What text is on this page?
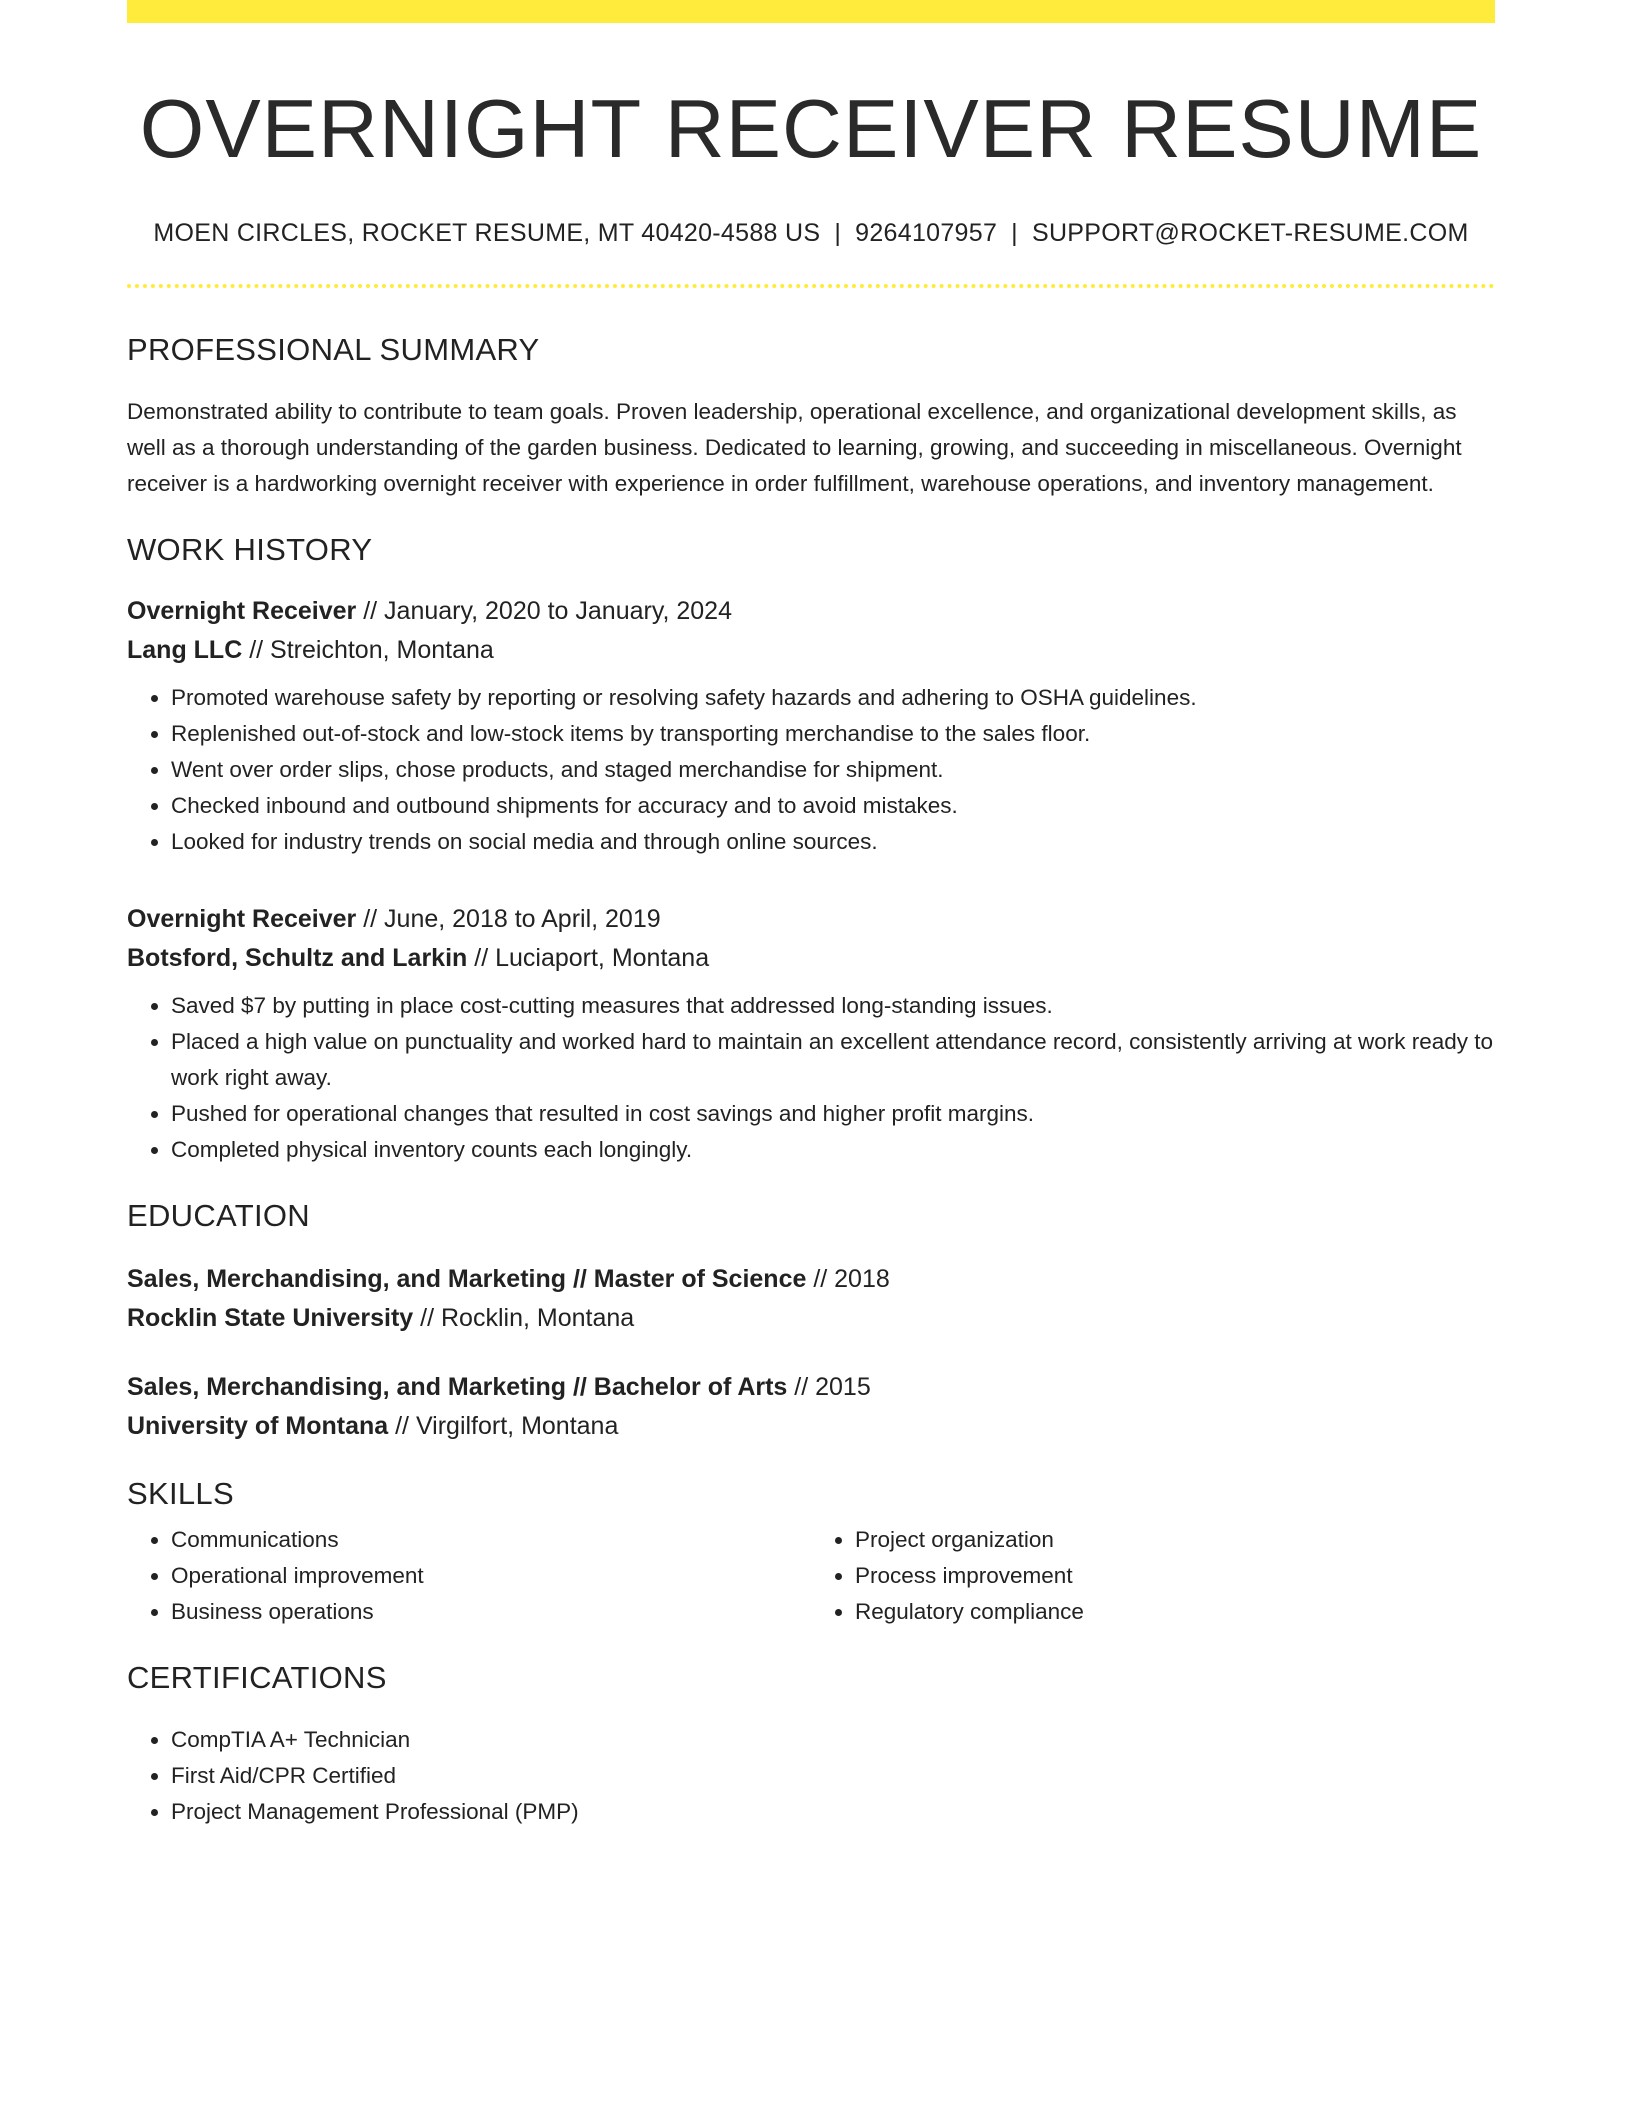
OVERNIGHT RECEIVER RESUME
MOEN CIRCLES, ROCKET RESUME, MT 40420-4588 US | 9264107957 | SUPPORT@ROCKET-RESUME.COM
PROFESSIONAL SUMMARY
Demonstrated ability to contribute to team goals. Proven leadership, operational excellence, and organizational development skills, as well as a thorough understanding of the garden business. Dedicated to learning, growing, and succeeding in miscellaneous. Overnight receiver is a hardworking overnight receiver with experience in order fulfillment, warehouse operations, and inventory management.
WORK HISTORY
Overnight Receiver // January, 2020 to January, 2024
Lang LLC // Streichton, Montana
• Promoted warehouse safety by reporting or resolving safety hazards and adhering to OSHA guidelines.
• Replenished out-of-stock and low-stock items by transporting merchandise to the sales floor.
• Went over order slips, chose products, and staged merchandise for shipment.
• Checked inbound and outbound shipments for accuracy and to avoid mistakes.
• Looked for industry trends on social media and through online sources.
Overnight Receiver // June, 2018 to April, 2019
Botsford, Schultz and Larkin // Luciaport, Montana
• Saved $7 by putting in place cost-cutting measures that addressed long-standing issues.
• Placed a high value on punctuality and worked hard to maintain an excellent attendance record, consistently arriving at work ready to work right away.
• Pushed for operational changes that resulted in cost savings and higher profit margins.
• Completed physical inventory counts each longingly.
EDUCATION
Sales, Merchandising, and Marketing // Master of Science // 2018
Rocklin State University // Rocklin, Montana
Sales, Merchandising, and Marketing // Bachelor of Arts // 2015
University of Montana // Virgilfort, Montana
SKILLS
• Communications
• Operational improvement
• Business operations
• Project organization
• Process improvement
• Regulatory compliance
CERTIFICATIONS
• CompTIA A+ Technician
• First Aid/CPR Certified
• Project Management Professional (PMP)
